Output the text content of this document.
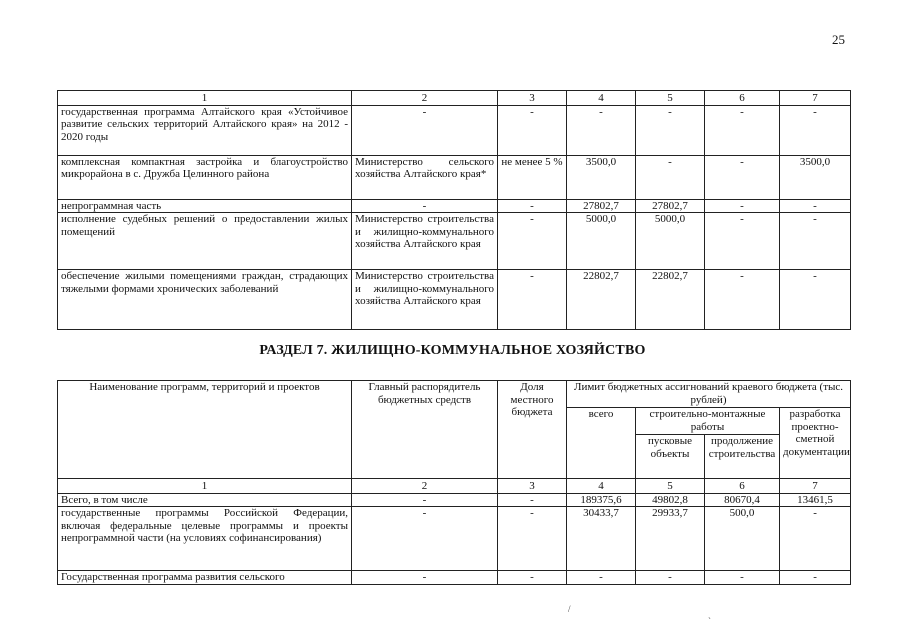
25
1	2	3	4	5	6	7
государственная программа Алтайского края «Устойчивое развитие сельских территорий Алтайского края» на 2012 - 2020 годы	-	-	-	-	-	-
комплексная компактная застройка и благоустройство микрорайона в с. Дружба Целинного района	Министерство сельского хозяйства Алтайского края*	не менее 5 %	3500,0	-	-	3500,0
непрограммная часть	-	-	27802,7	27802,7	-	-
исполнение судебных решений о предоставлении жилых помещений	Министерство строительства и жилищно-коммунального хозяйства Алтайского края	-	5000,0	5000,0	-	-
обеспечение жилыми помещениями граждан, страдающих тяжелыми формами хронических заболеваний	Министерство строительства и жилищно-коммунального хозяйства Алтайского края	-	22802,7	22802,7	-	-
РАЗДЕЛ 7. ЖИЛИЩНО-КОММУНАЛЬНОЕ ХОЗЯЙСТВО
Наименование программ, территорий и проектов	Главный распорядитель бюджетных средств	Доля местного бюджета	Лимит бюджетных ассигнований краевого бюджета (тыс. рублей)			
			всего	строительно-монтажные работы		разработка проектно-сметной документации
				пусковые объекты	продолжение строительства	

1	2	3	4	5	6	7
Всего, в том числе	-	-	189375,6	49802,8	80670,4	13461,5
государственные программы Российской Федерации, включая федеральные целевые программы и проекты непрограммной части (на условиях софинансирования)	-	-	30433,7	29933,7	500,0	-
Государственная программа развития сельского	-	-	-	-	-	-
/
`
